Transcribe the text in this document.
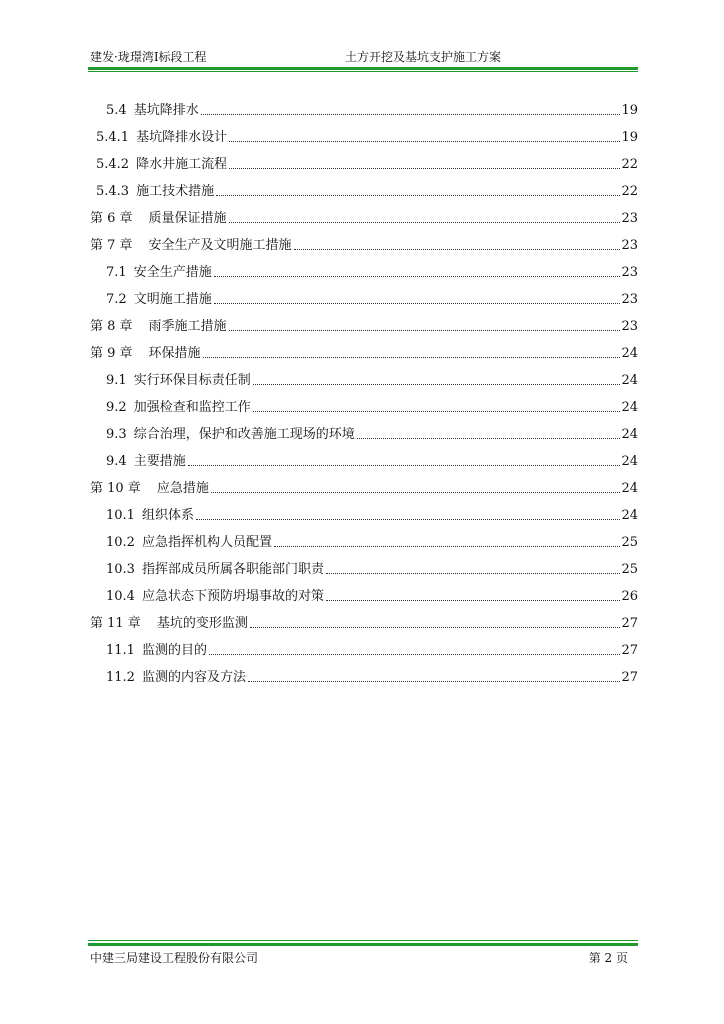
建发·珑璟湾I标段工程	土方开挖及基坑支护施工方案
5.4 基坑降排水	19
5.4.1 基坑降排水设计	19
5.4.2 降水井施工流程	22
5.4.3 施工技术措施	22
第 6 章 质量保证措施	23
第 7 章 安全生产及文明施工措施	23
7.1 安全生产措施	23
7.2 文明施工措施	23
第 8 章 雨季施工措施	23
第 9 章 环保措施	24
9.1 实行环保目标责任制	24
9.2 加强检查和监控工作	24
9.3 综合治理，保护和改善施工现场的环境	24
9.4 主要措施	24
第 10 章 应急措施	24
10.1 组织体系	24
10.2 应急指挥机构人员配置	25
10.3 指挥部成员所属各职能部门职责	25
10.4 应急状态下预防坍塌事故的对策	26
第 11 章 基坑的变形监测	27
11.1 监测的目的	27
11.2 监测的内容及方法	27
中建三局建设工程股份有限公司	第 2 页
